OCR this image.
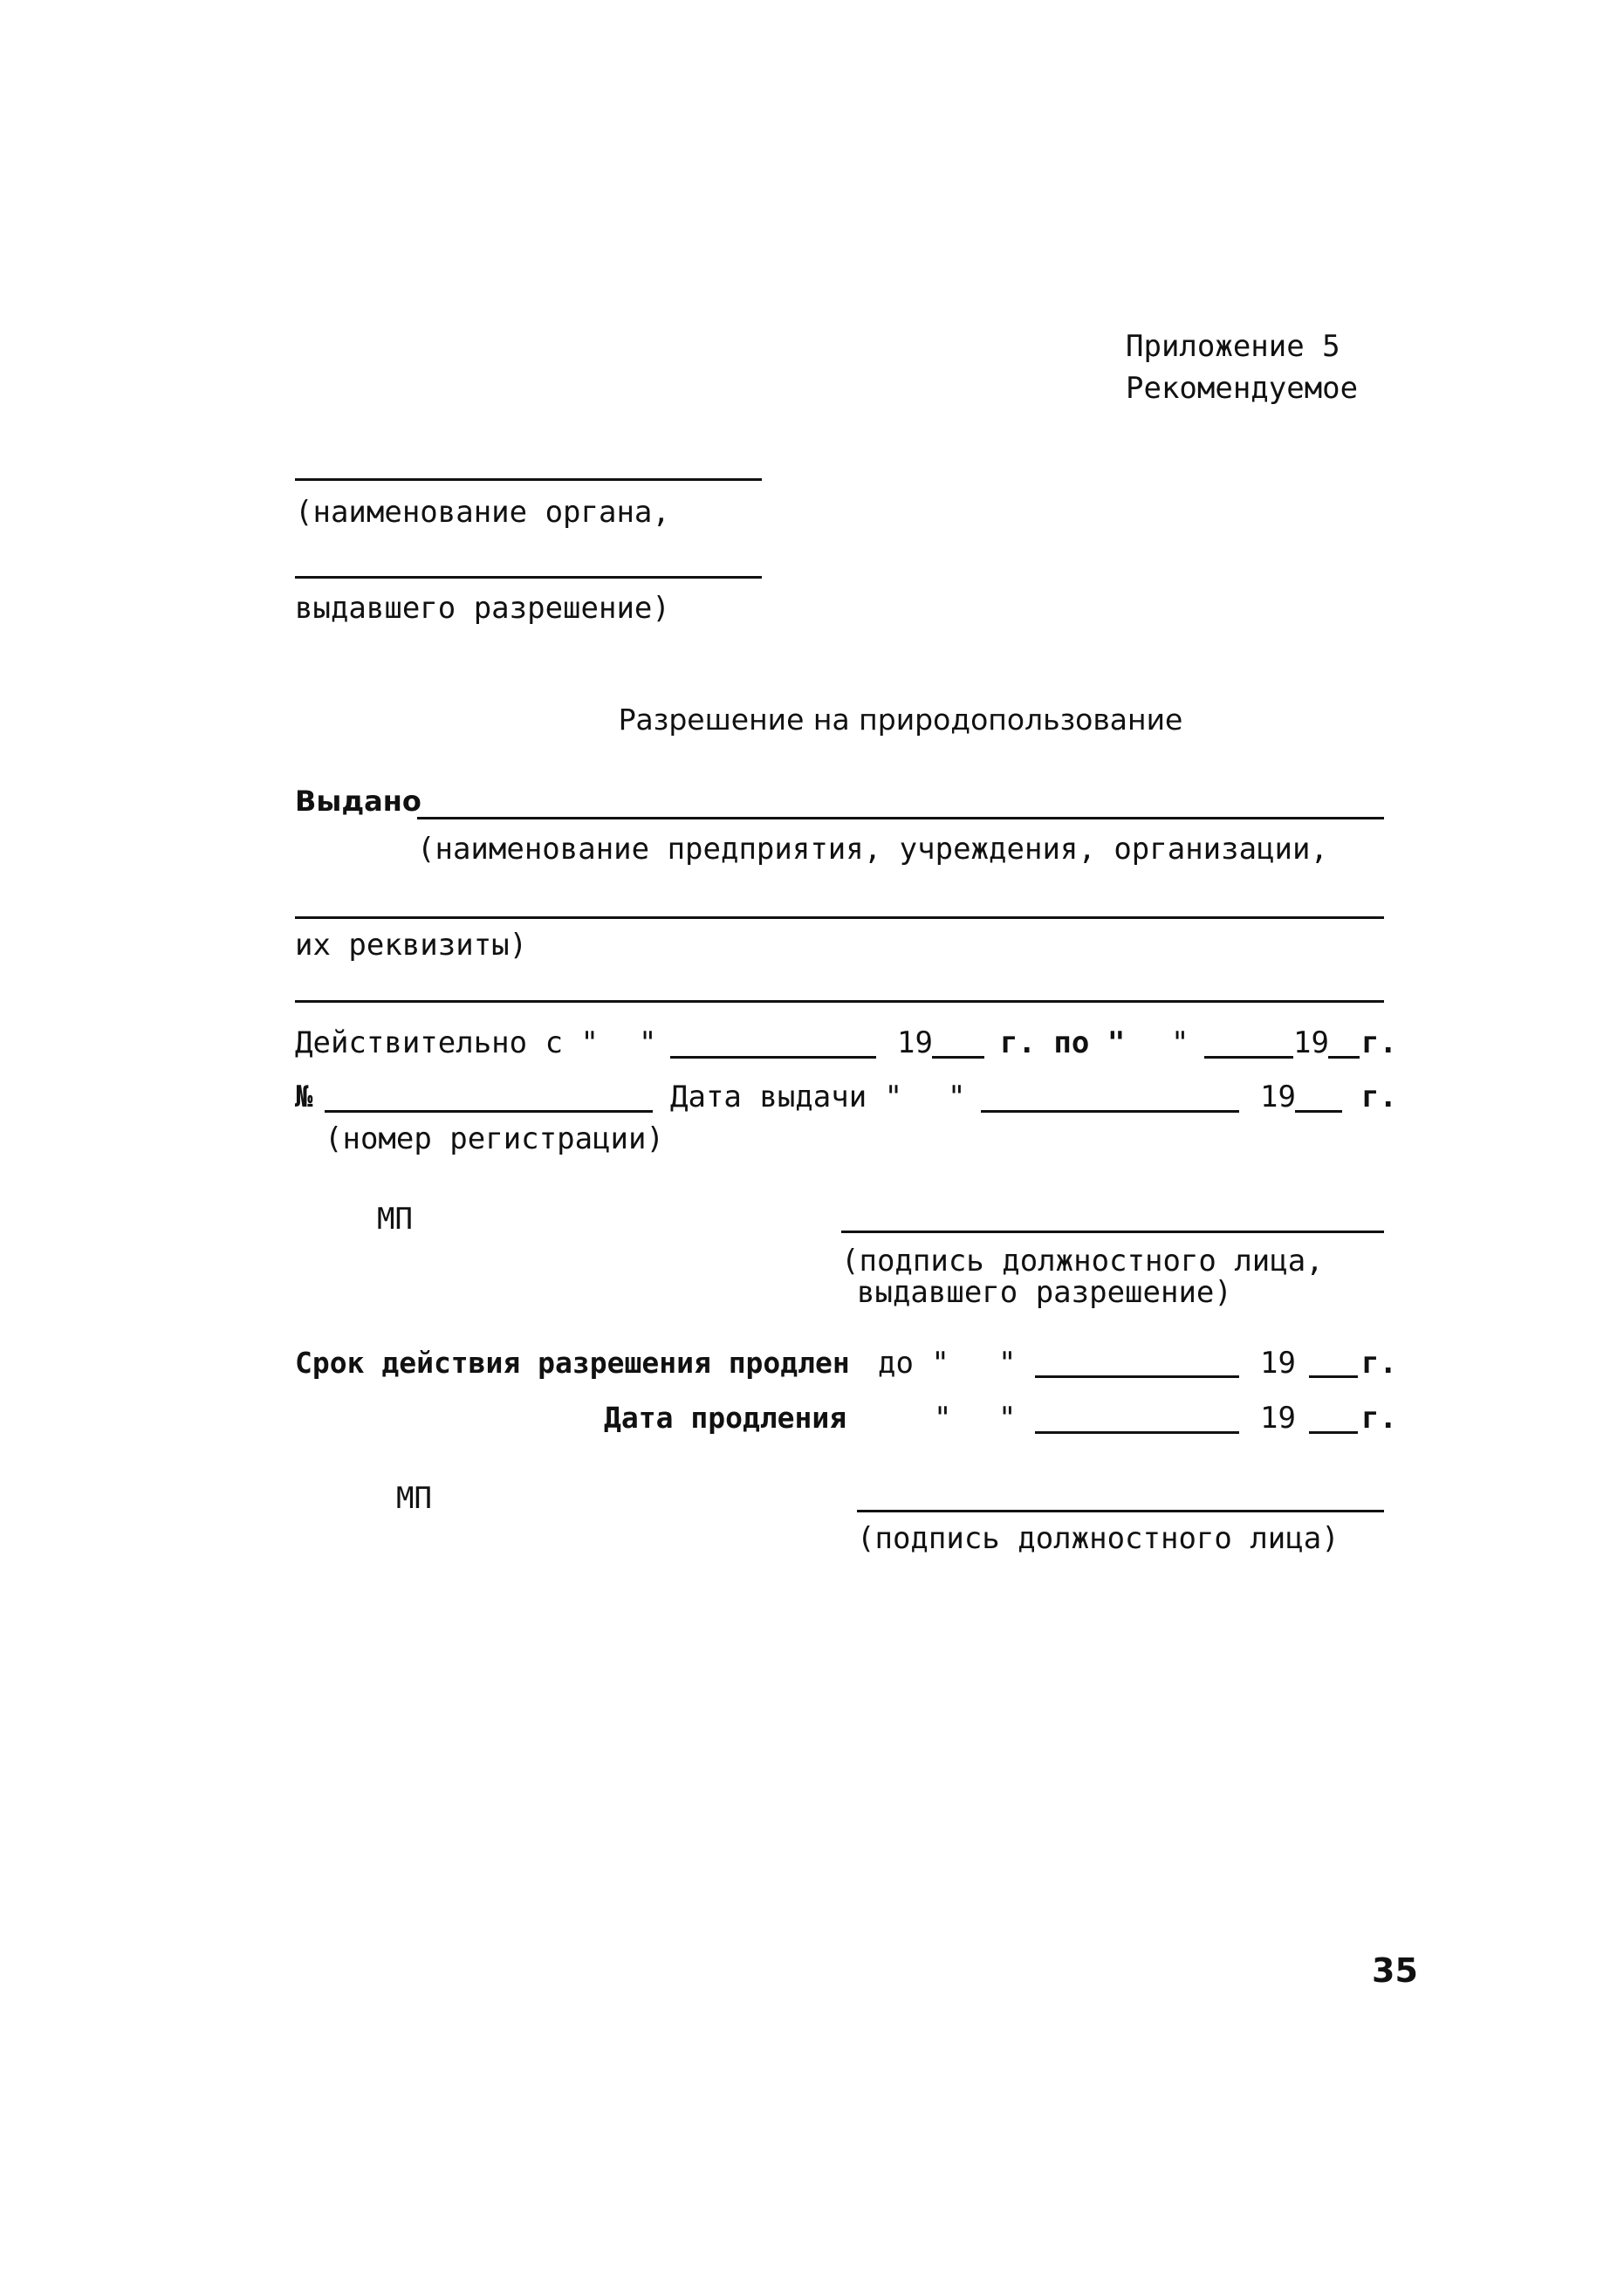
Приложение 5
Рекомендуемое
(наименование органа,
выдавшего разрешение)
Разрешение на природопользование
Выдано
(наименование предприятия, учреждения, организации,
их реквизиты)
Действительно с " "	19 г. по " "	19 г.
№	Дата выдачи " "	19 г.
(номер регистрации)
МП
(подпись должностного лица,
выдавшего разрешение)
Срок действия разрешения продлен до " "	19 г.
Дата продления	" "	19 г.
МП
(подпись должностного лица)
35
